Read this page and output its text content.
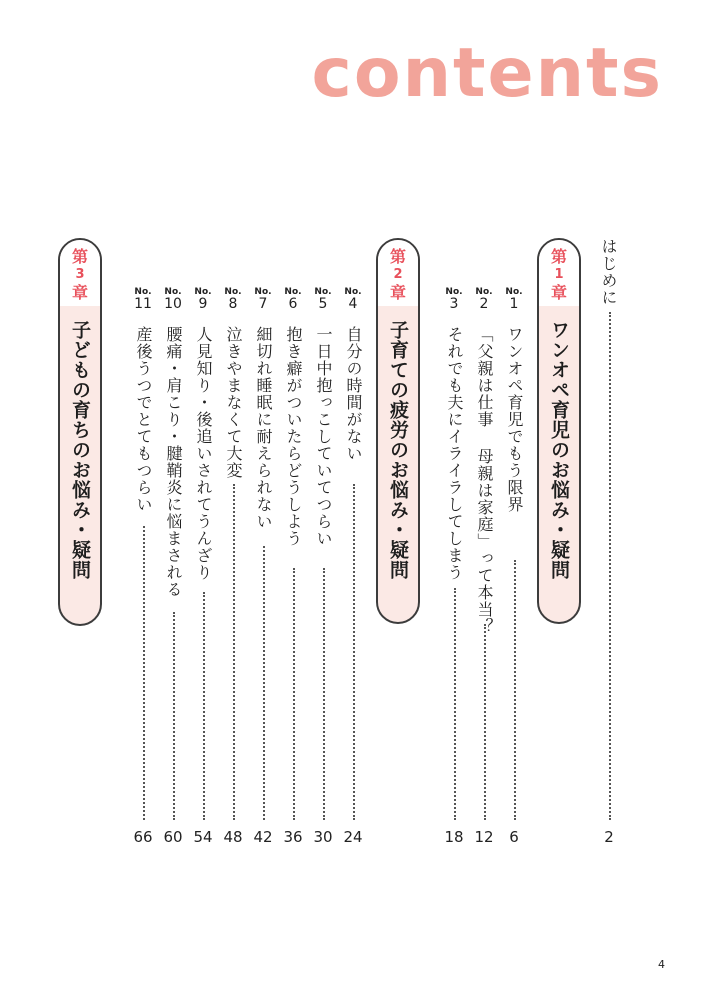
contents
はじめに
2
第
1
章
ワンオペ育児のお悩み・疑問
No.
1
ワンオペ育児でもう限界
6
No.
2
「父親は仕事 母親は家庭」って本当？
12
No.
3
それでも夫にイライラしてしまう
18
第
2
章
子育ての疲労のお悩み・疑問
No.
4
自分の時間がない
24
No.
5
一日中抱っこしていてつらい
30
No.
6
抱き癖がついたらどうしよう
36
No.
7
細切れ睡眠に耐えられない
42
No.
8
泣きやまなくて大変
48
No.
9
人見知り・後追いされてうんざり
54
No.
10
腰痛・肩こり・腱鞘炎に悩まされる
60
No.
11
産後うつでとてもつらい
66
第
3
章
子どもの育ちのお悩み・疑問
4
